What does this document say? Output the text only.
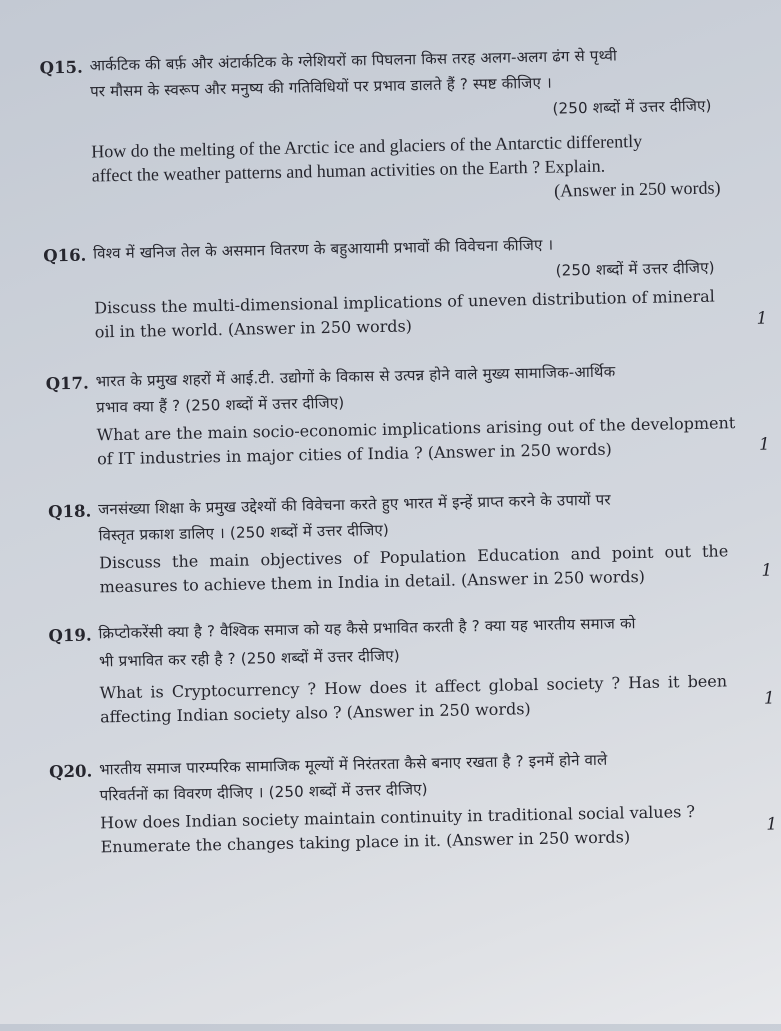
Q15. आर्कटिक की बर्फ़ और अंटार्कटिक के ग्लेशियरों का पिघलना किस तरह अलग-अलग ढंग से पृथ्वी
पर मौसम के स्वरूप और मनुष्य की गतिविधियों पर प्रभाव डालते हैं ? स्पष्ट कीजिए ।
(250 शब्दों में उत्तर दीजिए)
How do the melting of the Arctic ice and glaciers of the Antarctic differently
affect the weather patterns and human activities on the Earth ? Explain.
(Answer in 250 words)
Q16. विश्व में खनिज तेल के असमान वितरण के बहुआयामी प्रभावों की विवेचना कीजिए ।
(250 शब्दों में उत्तर दीजिए)
Discuss the multi-dimensional implications of uneven distribution of mineral
oil in the world. (Answer in 250 words)	1
Q17. भारत के प्रमुख शहरों में आई.टी. उद्योगों के विकास से उत्पन्न होने वाले मुख्य सामाजिक-आर्थिक
प्रभाव क्या हैं ? (250 शब्दों में उत्तर दीजिए)
What are the main socio-economic implications arising out of the development
of IT industries in major cities of India ? (Answer in 250 words)	1
Q18. जनसंख्या शिक्षा के प्रमुख उद्देश्यों की विवेचना करते हुए भारत में इन्हें प्राप्त करने के उपायों पर
विस्तृत प्रकाश डालिए । (250 शब्दों में उत्तर दीजिए)
Discuss the main objectives of Population Education and point out the
measures to achieve them in India in detail. (Answer in 250 words)	1
Q19. क्रिप्टोकरेंसी क्या है ? वैश्विक समाज को यह कैसे प्रभावित करती है ? क्या यह भारतीय समाज को
भी प्रभावित कर रही है ? (250 शब्दों में उत्तर दीजिए)
What is Cryptocurrency ? How does it affect global society ? Has it been
affecting Indian society also ? (Answer in 250 words)
1
Q20. भारतीय समाज पारम्परिक सामाजिक मूल्यों में निरंतरता कैसे बनाए रखता है ? इनमें होने वाले
परिवर्तनों का विवरण दीजिए । (250 शब्दों में उत्तर दीजिए)
How does Indian society maintain continuity in traditional social values ?
Enumerate the changes taking place in it. (Answer in 250 words)
1
